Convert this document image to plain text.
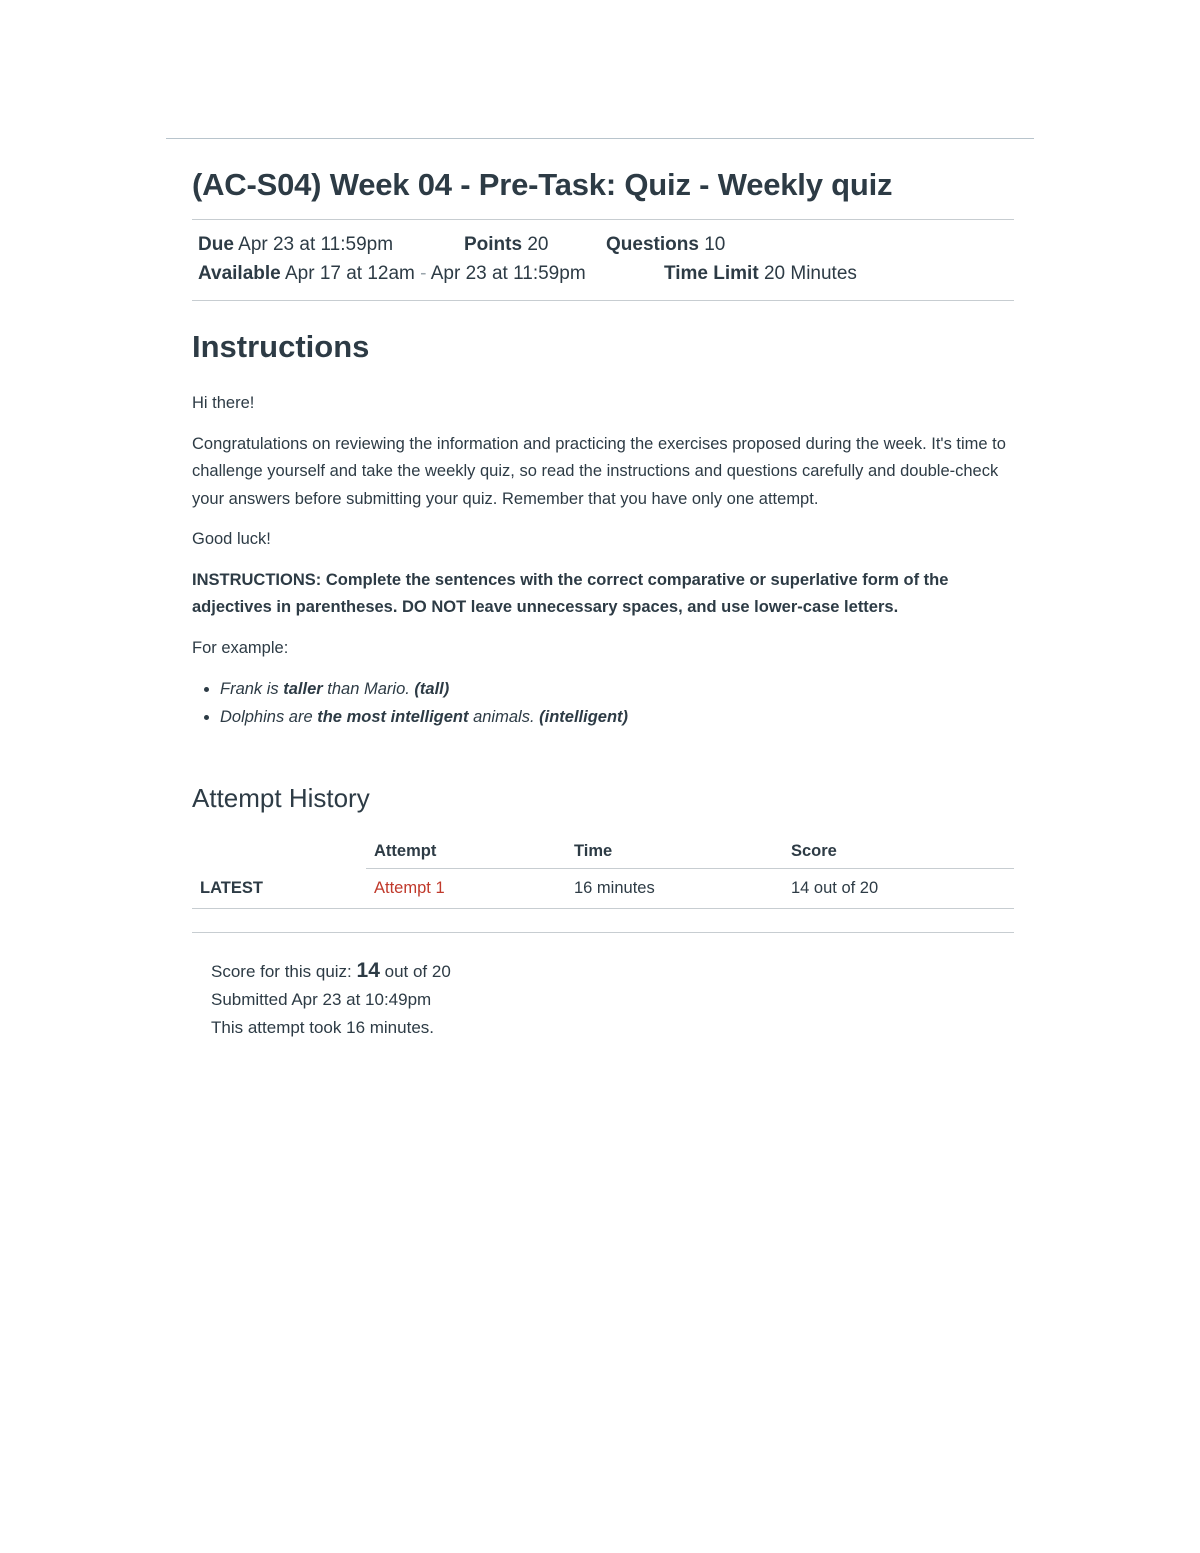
(AC-S04) Week 04 - Pre-Task: Quiz - Weekly quiz
Due Apr 23 at 11:59pm	Points 20	Questions 10
Available Apr 17 at 12am - Apr 23 at 11:59pm	Time Limit 20 Minutes
Instructions

Hi there!

Congratulations on reviewing the information and practicing the exercises proposed during the week. It's time to challenge yourself and take the weekly quiz, so read the instructions and questions carefully and double-check your answers before submitting your quiz. Remember that you have only one attempt.

Good luck!

INSTRUCTIONS: Complete the sentences with the correct comparative or superlative form of the adjectives in parentheses. DO NOT leave unnecessary spaces, and use lower-case letters.

For example:

• Frank is taller than Mario. (tall)
• Dolphins are the most intelligent animals. (intelligent)
Attempt History
	Attempt	Time	Score
LATEST	Attempt 1	16 minutes	14 out of 20
Score for this quiz: 14 out of 20
Submitted Apr 23 at 10:49pm
This attempt took 16 minutes.
